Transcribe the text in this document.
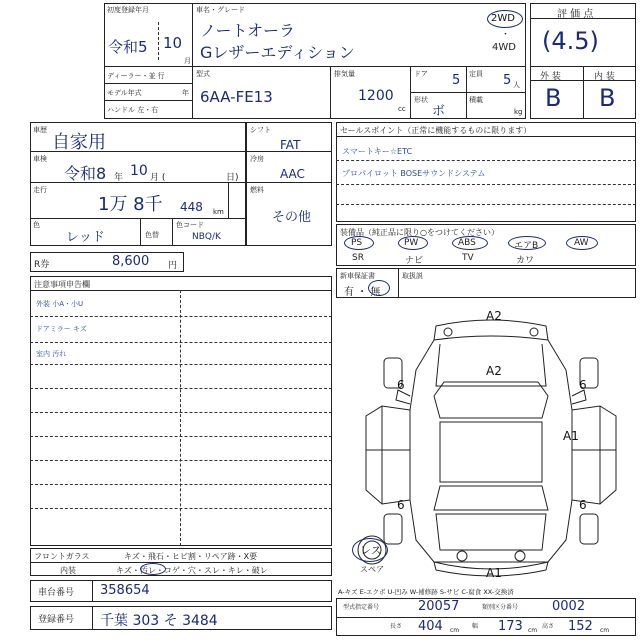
初度登録年月
令和5 10
月
車名・グレード
ノートオーラ
Gレザーエディション
2WD
・
4WD
ディーラー・並 行
モデル年式	年
ハンドル 左・右
型式
6AA-FE13
排気量
1200
cc
ドア 5 定員 5 人
形状
ボ
積載
kg
評 価 点
(4.5)
外 装	内 装
B B
車歴
自家用
車検
令和8 年 10 月 (	日)
走行
1万 8千 448 km
色
レッド	色替
色コード
NBQ/K
シフト
FAT
冷房
AAC
燃料
その他
R券	8,600 円
セールスポイント（正常に機能するものに限ります）
スマートキー☆ETC
プロパイロット BOSEサウンドシステム
装備品（純正品に限り○をつけてください）
PS	PW	ABS	エアB	AW
SR	ナビ	TV	カワ
新車保証書
有 ・ 無
取扱説
注意事項申告欄
外装 小A・小U
ドアミラー キズ
室内 汚れ
A2
A2
6	6
A1
6	6
A1
レス
スペア
A-キズ E-エクボ U-凹み W-補修跡 S-サビ C-腐食 XX-交換済
フロントガラス	キズ・飛石・ヒビ割・リペア跡・X要
内装	キズ・汚レ・コゲ・穴・スレ・キレ・破レ
車台番号 358654
登録番号 千葉 303 そ 3484
型式指定番号	20057	類別区分番号	0002
長さ 404 cm
幅 173 cm
高さ 152 cm
